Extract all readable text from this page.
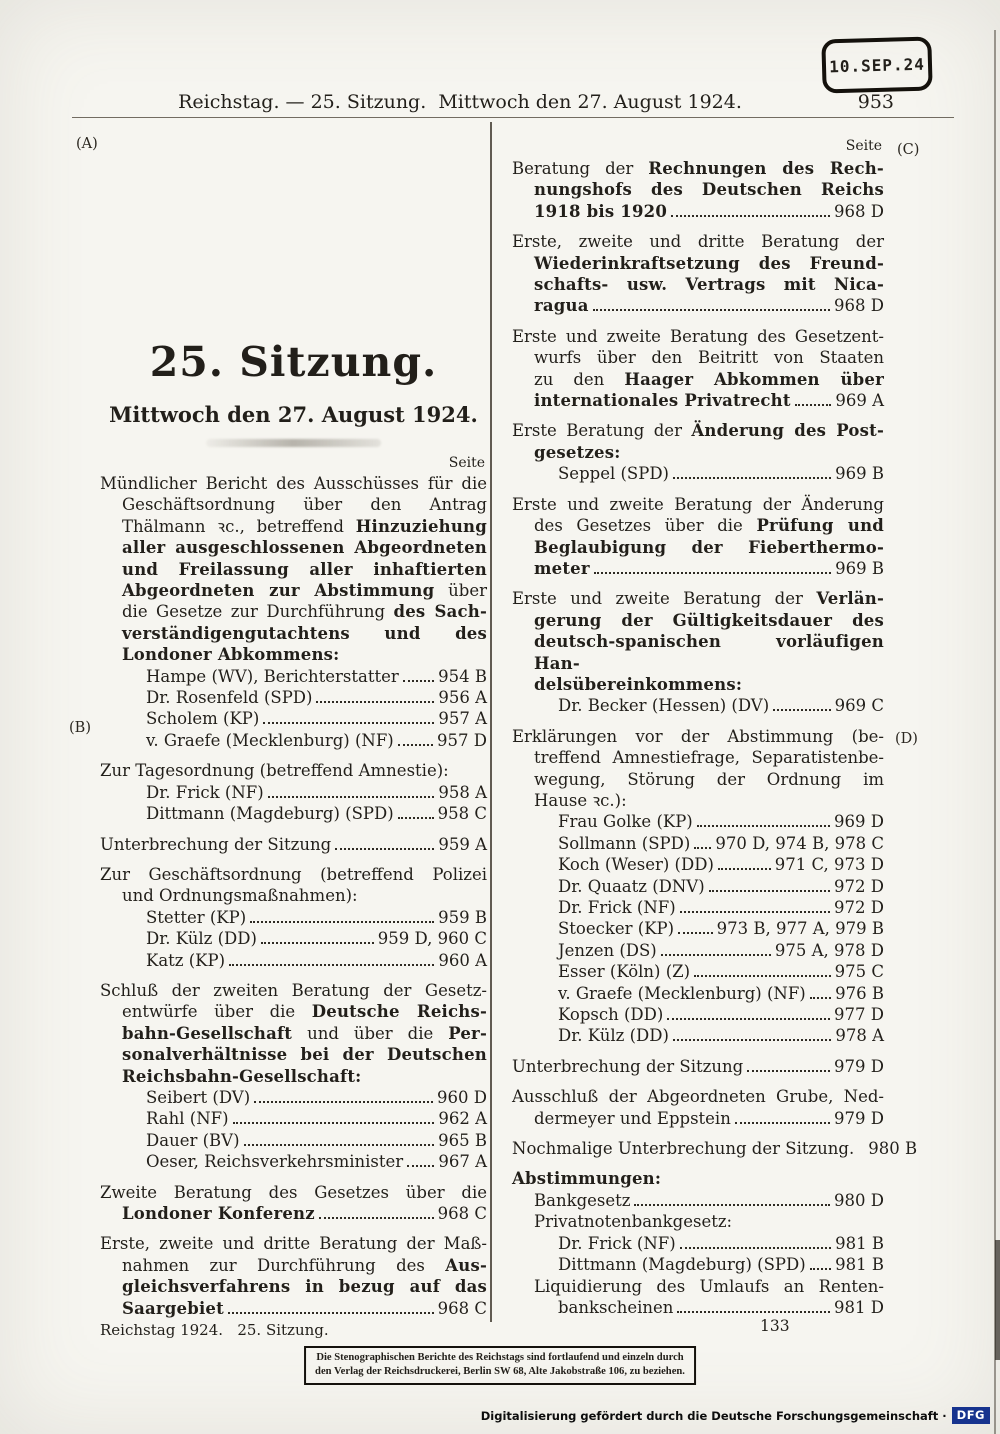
10.SEP.24
Reichstag. — 25. Sitzung.  Mittwoch den 27. August 1924.	953
(A)
(B)
(C)
(D)
25. Sitzung.
Mittwoch den 27. August 1924.
Seite
Mündlicher Bericht des Ausschüsses für die
Geschäftsordnung über den Antrag
Thälmann ꝛc., betreffend Hinzuziehung
aller ausgeschlossenen Abgeordneten
und Freilassung aller inhaftierten
Abgeordneten zur Abstimmung über
die Gesetze zur Durchführung des Sach-
verständigengutachtens und des
Londoner Abkommens:
Hampe (WV), Berichterstatter 954 B
Dr. Rosenfeld (SPD)	956 A
Scholem (KP)	957 A
v. Graefe (Mecklenburg) (NF)	957 D
Zur Tagesordnung (betreffend Amnestie):
Dr. Frick (NF)	958 A
Dittmann (Magdeburg) (SPD)	958 C
Unterbrechung der Sitzung	959 A
Zur Geschäftsordnung (betreffend Polizei
und Ordnungsmaßnahmen):
Stetter (KP)	959 B
Dr. Külz (DD)	959 D, 960 C
Katz (KP)	960 A
Schluß der zweiten Beratung der Gesetz-
entwürfe über die Deutsche Reichs-
bahn-Gesellschaft und über die Per-
sonalverhältnisse bei der Deutschen
Reichsbahn-Gesellschaft:
Seibert (DV)	960 D
Rahl (NF)	962 A
Dauer (BV)	965 B
Oeser, Reichsverkehrsminister 967 A
Zweite Beratung des Gesetzes über die
Londoner Konferenz	968 C
Erste, zweite und dritte Beratung der Maß-
nahmen zur Durchführung des Aus-
gleichsverfahrens in bezug auf das
Saargebiet	968 C
Seite
Beratung der Rechnungen des Rech-
nungshofs des Deutschen Reichs
1918 bis 1920	968 D
Erste, zweite und dritte Beratung der
Wiederinkraftsetzung des Freund-
schafts- usw. Vertrags mit Nica-
ragua	968 D
Erste und zweite Beratung des Gesetzent-
wurfs über den Beitritt von Staaten
zu den Haager Abkommen über
internationales Privatrecht	969 A
Erste Beratung der Änderung des Post-
gesetzes:
Seppel (SPD)	969 B
Erste und zweite Beratung der Änderung
des Gesetzes über die Prüfung und
Beglaubigung der Fieberthermo-
meter	969 B
Erste und zweite Beratung der Verlän-
gerung der Gültigkeitsdauer des
deutsch-spanischen vorläufigen Han-
delsübereinkommens:
Dr. Becker (Hessen) (DV)	969 C
Erklärungen vor der Abstimmung (be-
treffend Amnestiefrage, Separatistenbe-
wegung, Störung der Ordnung im
Hause ꝛc.):
Frau Golke (KP)	969 D
Sollmann (SPD) 970 D, 974 B, 978 C
Koch (Weser) (DD)	971 C, 973 D
Dr. Quaatz (DNV)	972 D
Dr. Frick (NF)	972 D
Stoecker (KP)	973 B, 977 A, 979 B
Jenzen (DS)	975 A, 978 D
Esser (Köln) (Z)	975 C
v. Graefe (Mecklenburg) (NF) 976 B
Kopsch (DD)	977 D
Dr. Külz (DD)	978 A
Unterbrechung der Sitzung	979 D
Ausschluß der Abgeordneten Grube, Ned-
dermeyer und Eppstein	979 D
Nochmalige Unterbrechung der Sitzung. 980 B
Abstimmungen:
Bankgesetz	980 D
Privatnotenbankgesetz:
Dr. Frick (NF)	981 B
Dittmann (Magdeburg) (SPD) 981 B
Liquidierung des Umlaufs an Renten-
bankscheinen	981 D
Reichstag 1924.   25. Sitzung.	133
Die Stenographischen Berichte des Reichstags sind fortlaufend und einzeln durch
den Verlag der Reichsdruckerei, Berlin SW 68, Alte Jakobstraße 106, zu beziehen.
Digitalisierung gefördert durch die Deutsche Forschungsgemeinschaft · DFG
